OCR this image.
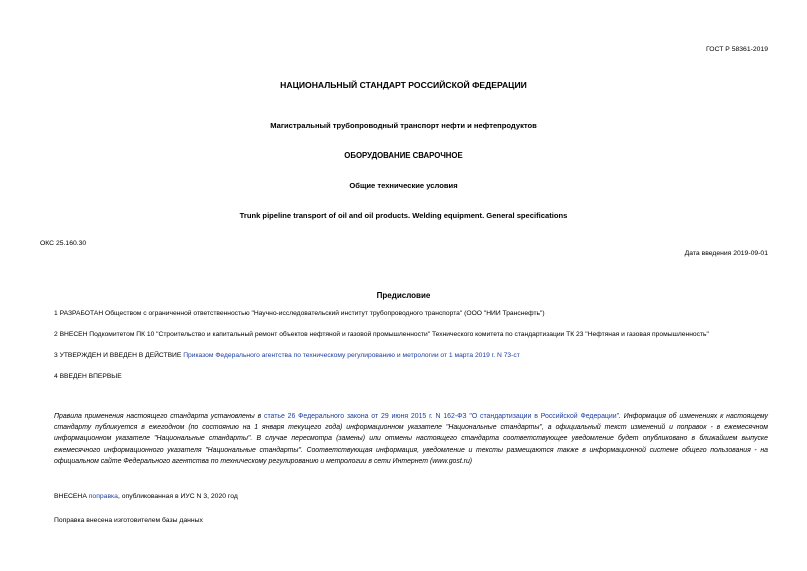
ГОСТ Р 58361-2019
НАЦИОНАЛЬНЫЙ СТАНДАРТ РОССИЙСКОЙ ФЕДЕРАЦИИ
Магистральный трубопроводный транспорт нефти и нефтепродуктов
ОБОРУДОВАНИЕ СВАРОЧНОЕ
Общие технические условия
Trunk pipeline transport of oil and oil products. Welding equipment. General specifications
ОКС 25.160.30
Дата введения 2019-09-01
Предисловие
1 РАЗРАБОТАН Обществом с ограниченной ответственностью "Научно-исследовательский институт трубопроводного транспорта" (ООО "НИИ Транснефть")
2 ВНЕСЕН Подкомитетом ПК 10 "Строительство и капитальный ремонт объектов нефтяной и газовой промышленности" Технического комитета по стандартизации ТК 23 "Нефтяная и газовая промышленность"
3 УТВЕРЖДЕН И ВВЕДЕН В ДЕЙСТВИЕ Приказом Федерального агентства по техническому регулированию и метрологии от 1 марта 2019 г. N 73-ст
4 ВВЕДЕН ВПЕРВЫЕ
Правила применения настоящего стандарта установлены в статье 26 Федерального закона от 29 июня 2015 г. N 162-ФЗ "О стандартизации в Российской Федерации". Информация об изменениях к настоящему стандарту публикуется в ежегодном (по состоянию на 1 января текущего года) информационном указателе "Национальные стандарты", а официальный текст изменений и поправок - в ежемесячном информационном указателе "Национальные стандарты". В случае пересмотра (замены) или отмены настоящего стандарта соответствующее уведомление будет опубликовано в ближайшем выпуске ежемесячного информационного указателя "Национальные стандарты". Соответствующая информация, уведомление и тексты размещаются также в информационной системе общего пользования - на официальном сайте Федерального агентства по техническому регулированию и метрологии в сети Интернет (www.gost.ru)
ВНЕСЕНА поправка, опубликованная в ИУС N 3, 2020 год
Поправка внесена изготовителем базы данных
